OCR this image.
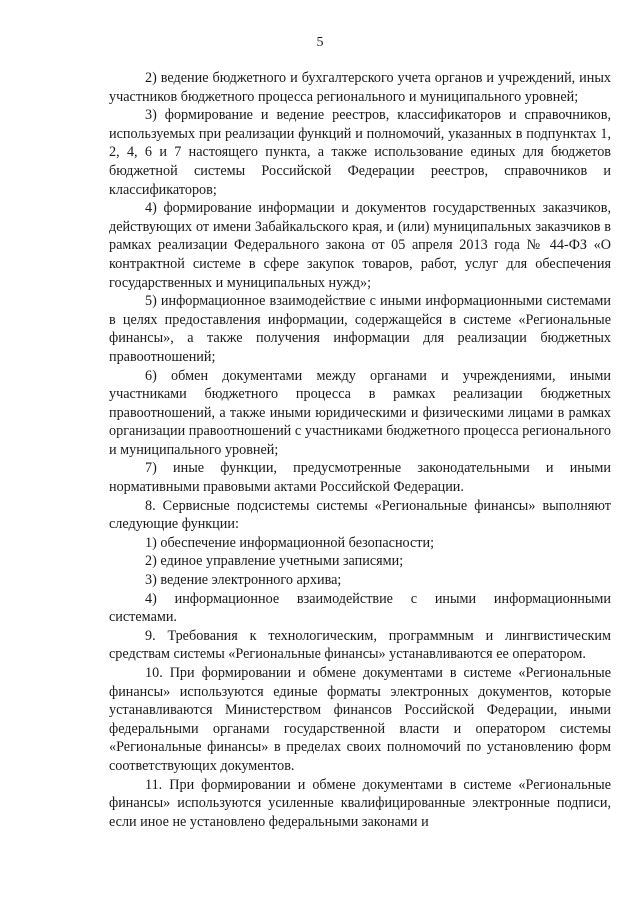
5

2) ведение бюджетного и бухгалтерского учета органов и учреждений, иных участников бюджетного процесса регионального и муниципального уровней;

3) формирование и ведение реестров, классификаторов и справочников, используемых при реализации функций и полномочий, указанных в подпунктах 1, 2, 4, 6 и 7 настоящего пункта, а также использование единых для бюджетов бюджетной системы Российской Федерации реестров, справочников и классификаторов;

4) формирование информации и документов государственных заказчиков, действующих от имени Забайкальского края, и (или) муниципальных заказчиков в рамках реализации Федерального закона от 05 апреля 2013 года № 44-ФЗ «О контрактной системе в сфере закупок товаров, работ, услуг для обеспечения государственных и муниципальных нужд»;

5) информационное взаимодействие с иными информационными системами в целях предоставления информации, содержащейся в системе «Региональные финансы», а также получения информации для реализации бюджетных правоотношений;

6) обмен документами между органами и учреждениями, иными участниками бюджетного процесса в рамках реализации бюджетных правоотношений, а также иными юридическими и физическими лицами в рамках организации правоотношений с участниками бюджетного процесса регионального и муниципального уровней;

7) иные функции, предусмотренные законодательными и иными нормативными правовыми актами Российской Федерации.

8. Сервисные подсистемы системы «Региональные финансы» выполняют следующие функции:

1) обеспечение информационной безопасности;

2) единое управление учетными записями;

3) ведение электронного архива;

4) информационное взаимодействие с иными информационными системами.

9. Требования к технологическим, программным и лингвистическим средствам системы «Региональные финансы» устанавливаются ее оператором.

10. При формировании и обмене документами в системе «Региональные финансы» используются единые форматы электронных документов, которые устанавливаются Министерством финансов Российской Федерации, иными федеральными органами государственной власти и оператором системы «Региональные финансы» в пределах своих полномочий по установлению форм соответствующих документов.

11. При формировании и обмене документами в системе «Региональные финансы» используются усиленные квалифицированные электронные подписи, если иное не установлено федеральными законами и
